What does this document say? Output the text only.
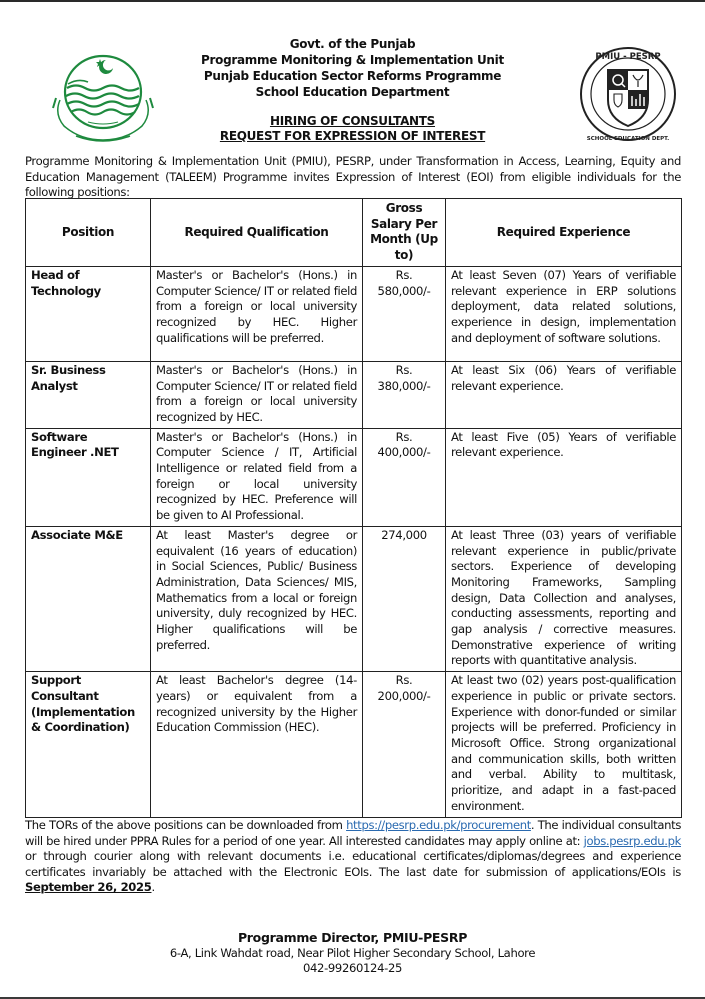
PMIU - PESRP
SCHOOL EDUCATION DEPT.
Govt. of the Punjab
Programme Monitoring & Implementation Unit
Punjab Education Sector Reforms Programme
School Education Department
HIRING OF CONSULTANTS
REQUEST FOR EXPRESSION OF INTEREST
Programme Monitoring & Implementation Unit (PMIU), PESRP, under Transformation in Access, Learning, Equity and Education Management (TALEEM) Programme invites Expression of Interest (EOI) from eligible individuals for the following positions:
Position	Required Qualification	Gross Salary Per Month (Up to)	Required Experience
Head of Technology	Master's or Bachelor's (Hons.) in Computer Science/ IT or related field from a foreign or local university recognized by HEC. Higher qualifications will be preferred.	Rs. 580,000/-	At least Seven (07) Years of verifiable relevant experience in ERP solutions deployment, data related solutions, experience in design, implementation and deployment of software solutions.
Sr. Business Analyst	Master's or Bachelor's (Hons.) in Computer Science/ IT or related field from a foreign or local university recognized by HEC.	Rs. 380,000/-	At least Six (06) Years of verifiable relevant experience.
Software Engineer .NET	Master's or Bachelor's (Hons.) in Computer Science / IT, Artificial Intelligence or related field from a foreign or local university recognized by HEC. Preference will be given to AI Professional.	Rs. 400,000/-	At least Five (05) Years of verifiable relevant experience.
Associate M&E	At least Master's degree or equivalent (16 years of education) in Social Sciences, Public/ Business Administration, Data Sciences/ MIS, Mathematics from a local or foreign university, duly recognized by HEC. Higher qualifications will be preferred.	274,000	At least Three (03) years of verifiable relevant experience in public/private sectors. Experience of developing Monitoring Frameworks, Sampling design, Data Collection and analyses, conducting assessments, reporting and gap analysis / corrective measures. Demonstrative experience of writing reports with quantitative analysis.
Support Consultant (Implementation & Coordination)	At least Bachelor's degree (14-years) or equivalent from a recognized university by the Higher Education Commission (HEC).	Rs. 200,000/-	At least two (02) years post-qualification experience in public or private sectors. Experience with donor-funded or similar projects will be preferred. Proficiency in Microsoft Office. Strong organizational and communication skills, both written and verbal. Ability to multitask, prioritize, and adapt in a fast-paced environment.
The TORs of the above positions can be downloaded from https://pesrp.edu.pk/procurement. The individual consultants will be hired under PPRA Rules for a period of one year. All interested candidates may apply online at: jobs.pesrp.edu.pk or through courier along with relevant documents i.e. educational certificates/diplomas/degrees and experience certificates invariably be attached with the Electronic EOIs. The last date for submission of applications/EOIs is September 26, 2025.
Programme Director, PMIU-PESRP
6-A, Link Wahdat road, Near Pilot Higher Secondary School, Lahore
042-99260124-25
